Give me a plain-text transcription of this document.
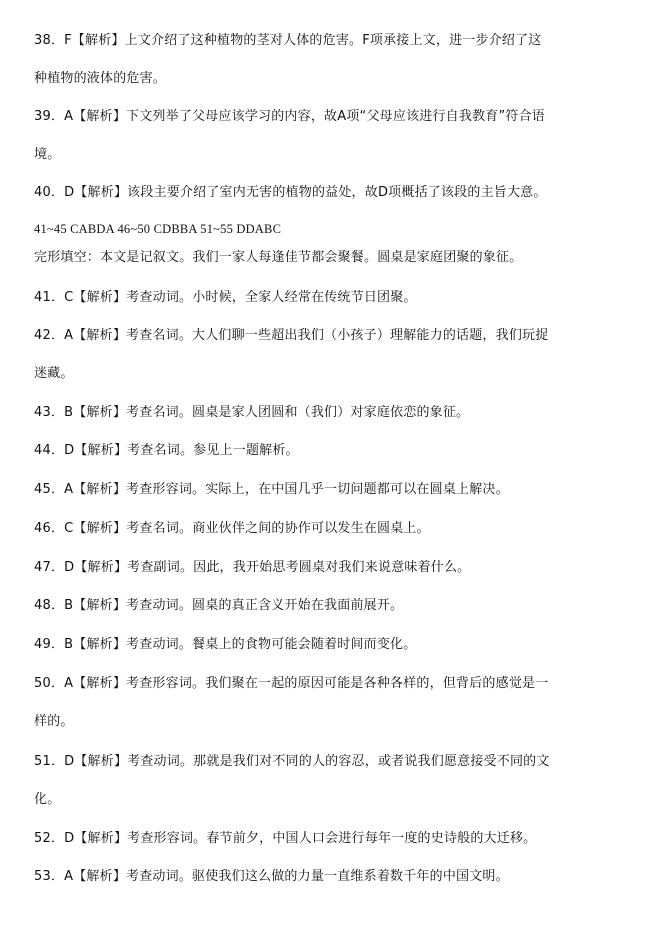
38．F【解析】上文介绍了这种植物的茎对人体的危害。F项承接上文，进一步介绍了这
种植物的液体的危害。
39．A【解析】下文列举了父母应该学习的内容，故A项“父母应该进行自我教育”符合语
境。
40．D【解析】该段主要介绍了室内无害的植物的益处，故D项概括了该段的主旨大意。
41~45 CABDA 46~50 CDBBA 51~55 DDABC
完形填空：本文是记叙文。我们一家人每逢佳节都会聚餐。圆桌是家庭团聚的象征。
41．C【解析】考查动词。小时候，全家人经常在传统节日团聚。
42．A【解析】考查名词。大人们聊一些超出我们（小孩子）理解能力的话题，我们玩捉
迷藏。
43．B【解析】考查名词。圆桌是家人团圆和（我们）对家庭依恋的象征。
44．D【解析】考查名词。参见上一题解析。
45．A【解析】考查形容词。实际上，在中国几乎一切问题都可以在圆桌上解决。
46．C【解析】考查名词。商业伙伴之间的协作可以发生在圆桌上。
47．D【解析】考查副词。因此，我开始思考圆桌对我们来说意味着什么。
48．B【解析】考查动词。圆桌的真正含义开始在我面前展开。
49．B【解析】考查动词。餐桌上的食物可能会随着时间而变化。
50．A【解析】考查形容词。我们聚在一起的原因可能是各种各样的，但背后的感觉是一
样的。
51．D【解析】考查动词。那就是我们对不同的人的容忍，或者说我们愿意接受不同的文
化。
52．D【解析】考查形容词。春节前夕，中国人口会进行每年一度的史诗般的大迁移。
53．A【解析】考查动词。驱使我们这么做的力量一直维系着数千年的中国文明。
